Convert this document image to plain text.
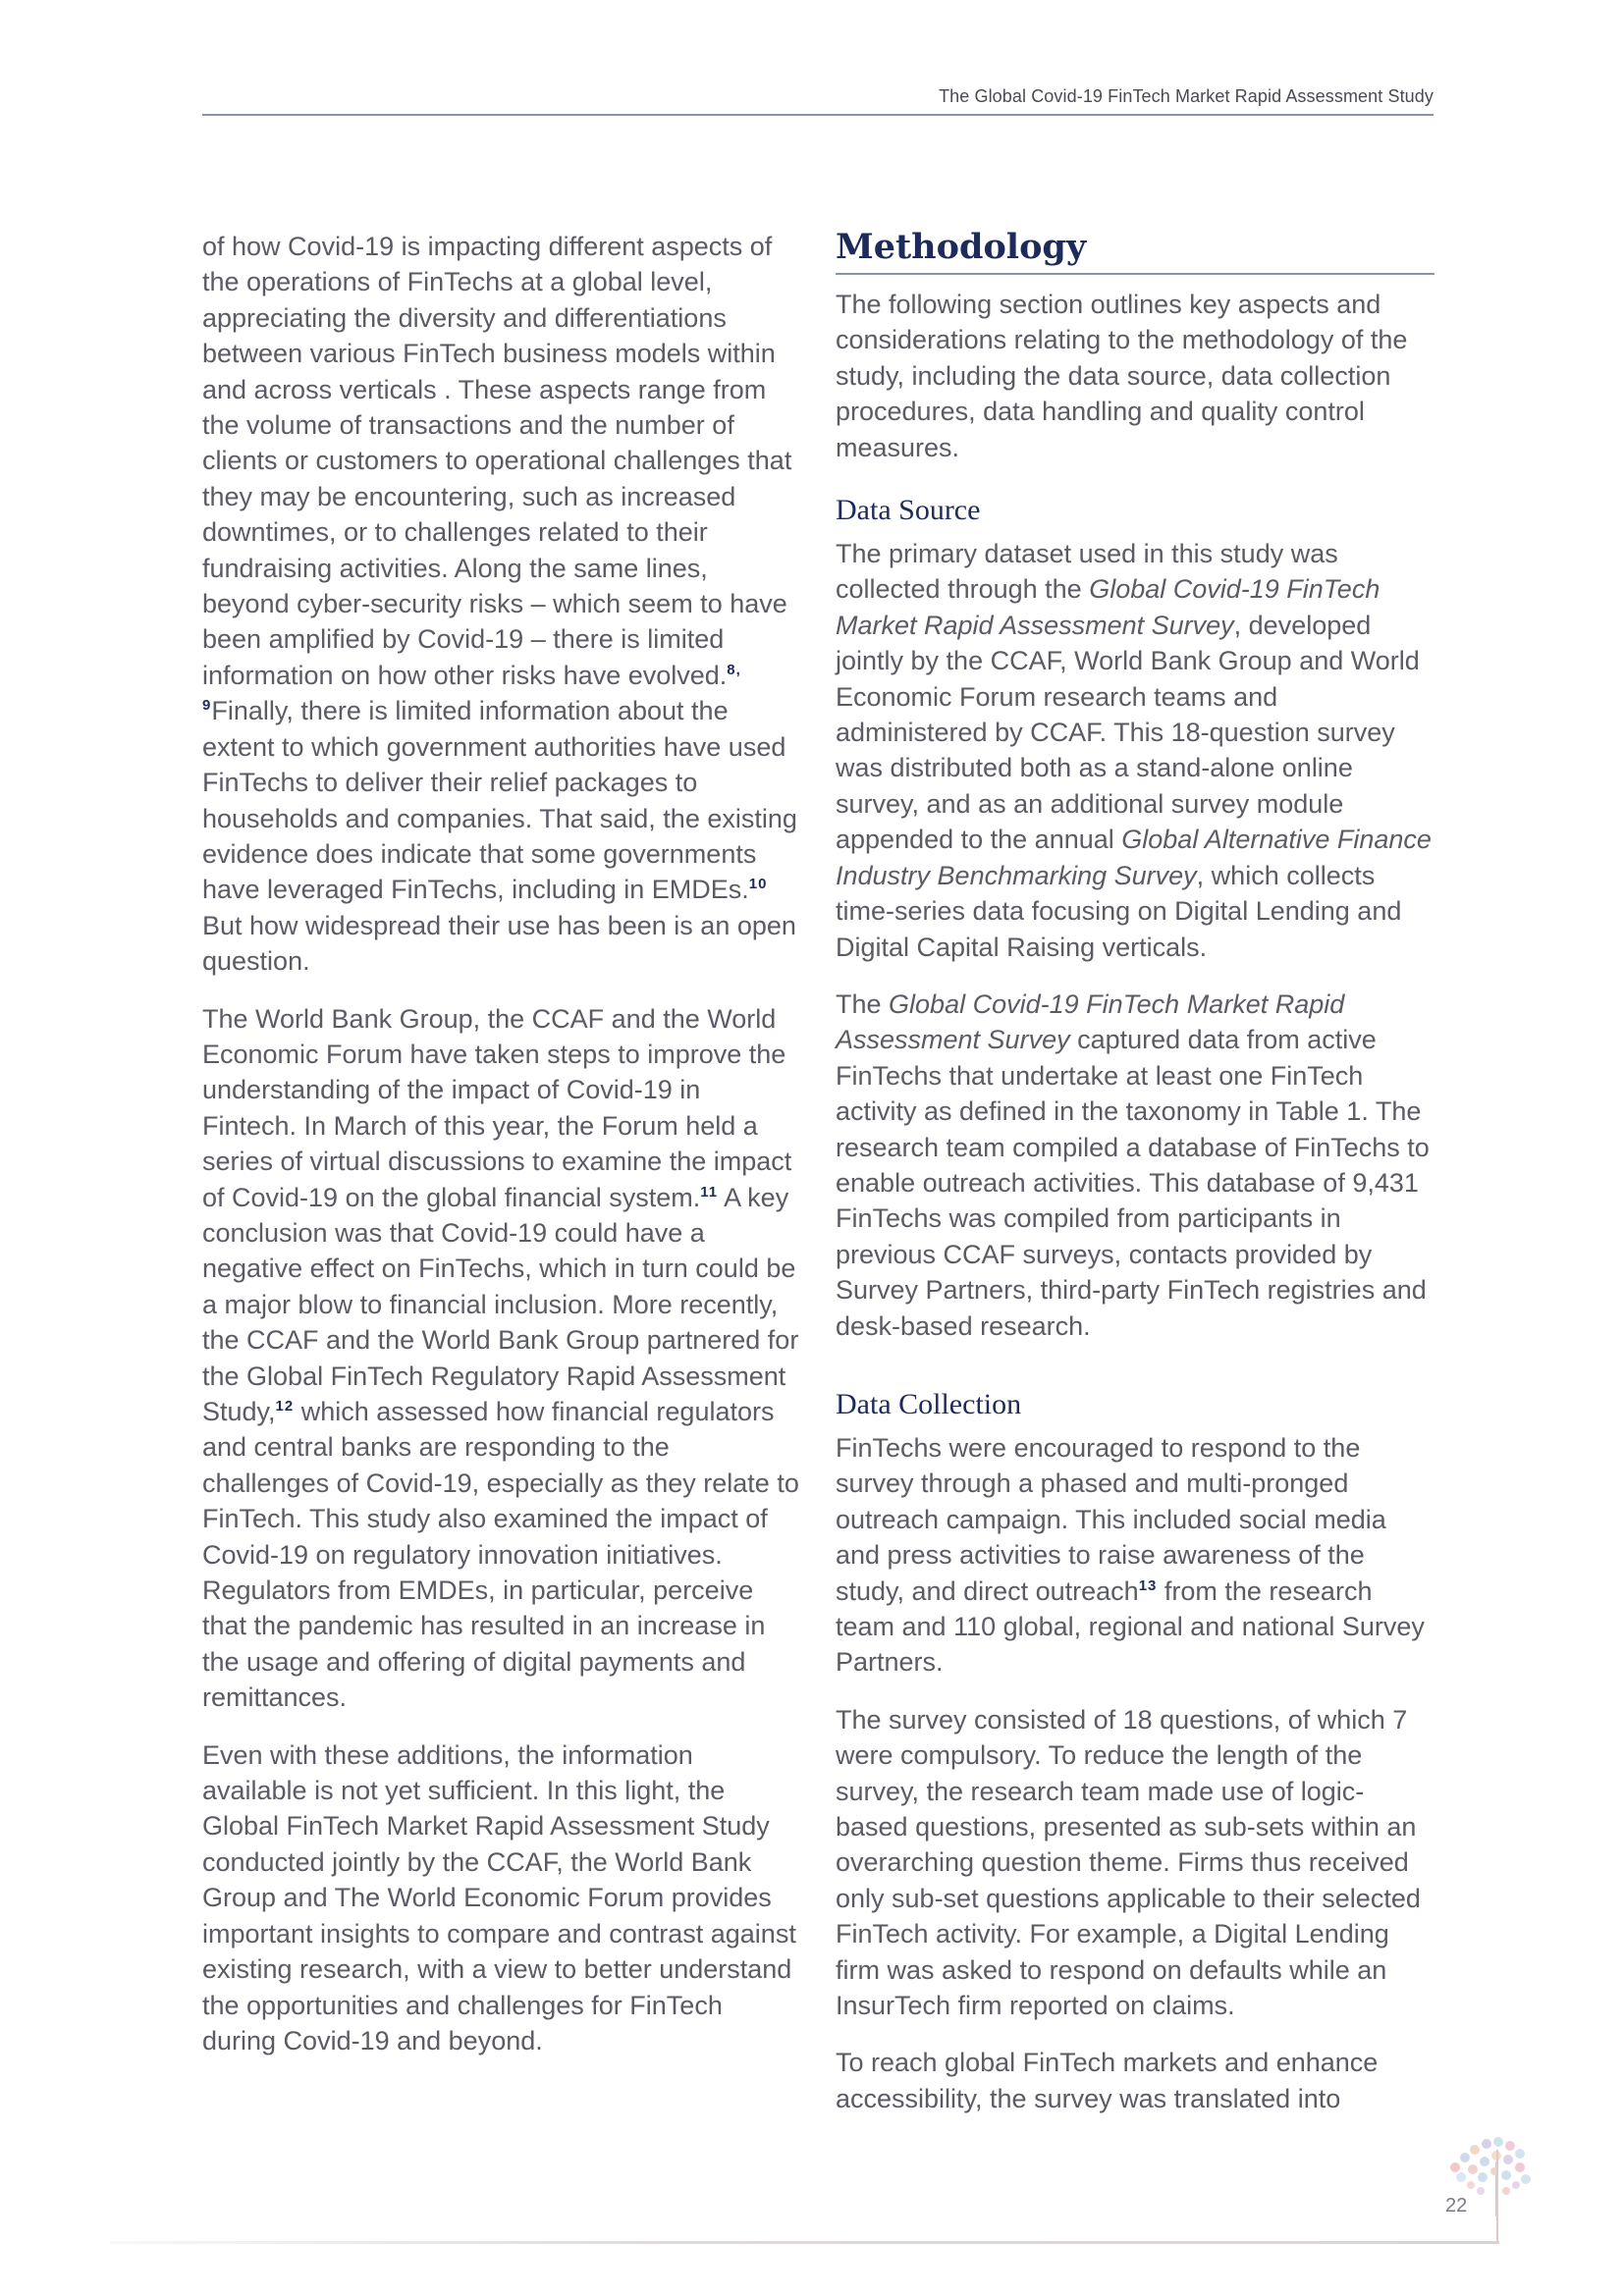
The Global Covid-19 FinTech Market Rapid Assessment Study

of how Covid-19 is impacting different aspects of the operations of FinTechs at a global level, appreciating the diversity and differentiations between various FinTech business models within and across verticals . These aspects range from the volume of transactions and the number of clients or customers to operational challenges that they may be encountering, such as increased downtimes, or to challenges related to their fundraising activities. Along the same lines, beyond cyber-security risks – which seem to have been amplified by Covid-19 – there is limited information on how other risks have evolved.$^{8, 9}$Finally, there is limited information about the extent to which government authorities have used FinTechs to deliver their relief packages to households and companies. That said, the existing evidence does indicate that some governments have leveraged FinTechs, including in EMDEs.$^{10}$ But how widespread their use has been is an open question.

The World Bank Group, the CCAF and the World Economic Forum have taken steps to improve the understanding of the impact of Covid-19 in Fintech. In March of this year, the Forum held a series of virtual discussions to examine the impact of Covid-19 on the global financial system.$^{11}$ A key conclusion was that Covid-19 could have a negative effect on FinTechs, which in turn could be a major blow to financial inclusion. More recently, the CCAF and the World Bank Group partnered for the Global FinTech Regulatory Rapid Assessment Study,$^{12}$ which assessed how financial regulators and central banks are responding to the challenges of Covid-19, especially as they relate to FinTech. This study also examined the impact of Covid-19 on regulatory innovation initiatives. Regulators from EMDEs, in particular, perceive that the pandemic has resulted in an increase in the usage and offering of digital payments and remittances.

Even with these additions, the information available is not yet sufficient. In this light, the Global FinTech Market Rapid Assessment Study conducted jointly by the CCAF, the World Bank Group and The World Economic Forum provides important insights to compare and contrast against existing research, with a view to better understand the opportunities and challenges for FinTech during Covid-19 and beyond.

Methodology

The following section outlines key aspects and considerations relating to the methodology of the study, including the data source, data collection procedures, data handling and quality control measures.

Data Source

The primary dataset used in this study was collected through the Global Covid-19 FinTech Market Rapid Assessment Survey, developed jointly by the CCAF, World Bank Group and World Economic Forum research teams and administered by CCAF. This 18-question survey was distributed both as a stand-alone online survey, and as an additional survey module appended to the annual Global Alternative Finance Industry Benchmarking Survey, which collects time-series data focusing on Digital Lending and Digital Capital Raising verticals.

The Global Covid-19 FinTech Market Rapid Assessment Survey captured data from active FinTechs that undertake at least one FinTech activity as defined in the taxonomy in Table 1. The research team compiled a database of FinTechs to enable outreach activities. This database of 9,431 FinTechs was compiled from participants in previous CCAF surveys, contacts provided by Survey Partners, third-party FinTech registries and desk-based research.

Data Collection

FinTechs were encouraged to respond to the survey through a phased and multi-pronged outreach campaign. This included social media and press activities to raise awareness of the study, and direct outreach$^{13}$ from the research team and 110 global, regional and national Survey Partners.

The survey consisted of 18 questions, of which 7 were compulsory. To reduce the length of the survey, the research team made use of logic-based questions, presented as sub-sets within an overarching question theme. Firms thus received only sub-set questions applicable to their selected FinTech activity. For example, a Digital Lending firm was asked to respond on defaults while an InsurTech firm reported on claims.

To reach global FinTech markets and enhance accessibility, the survey was translated into

22
